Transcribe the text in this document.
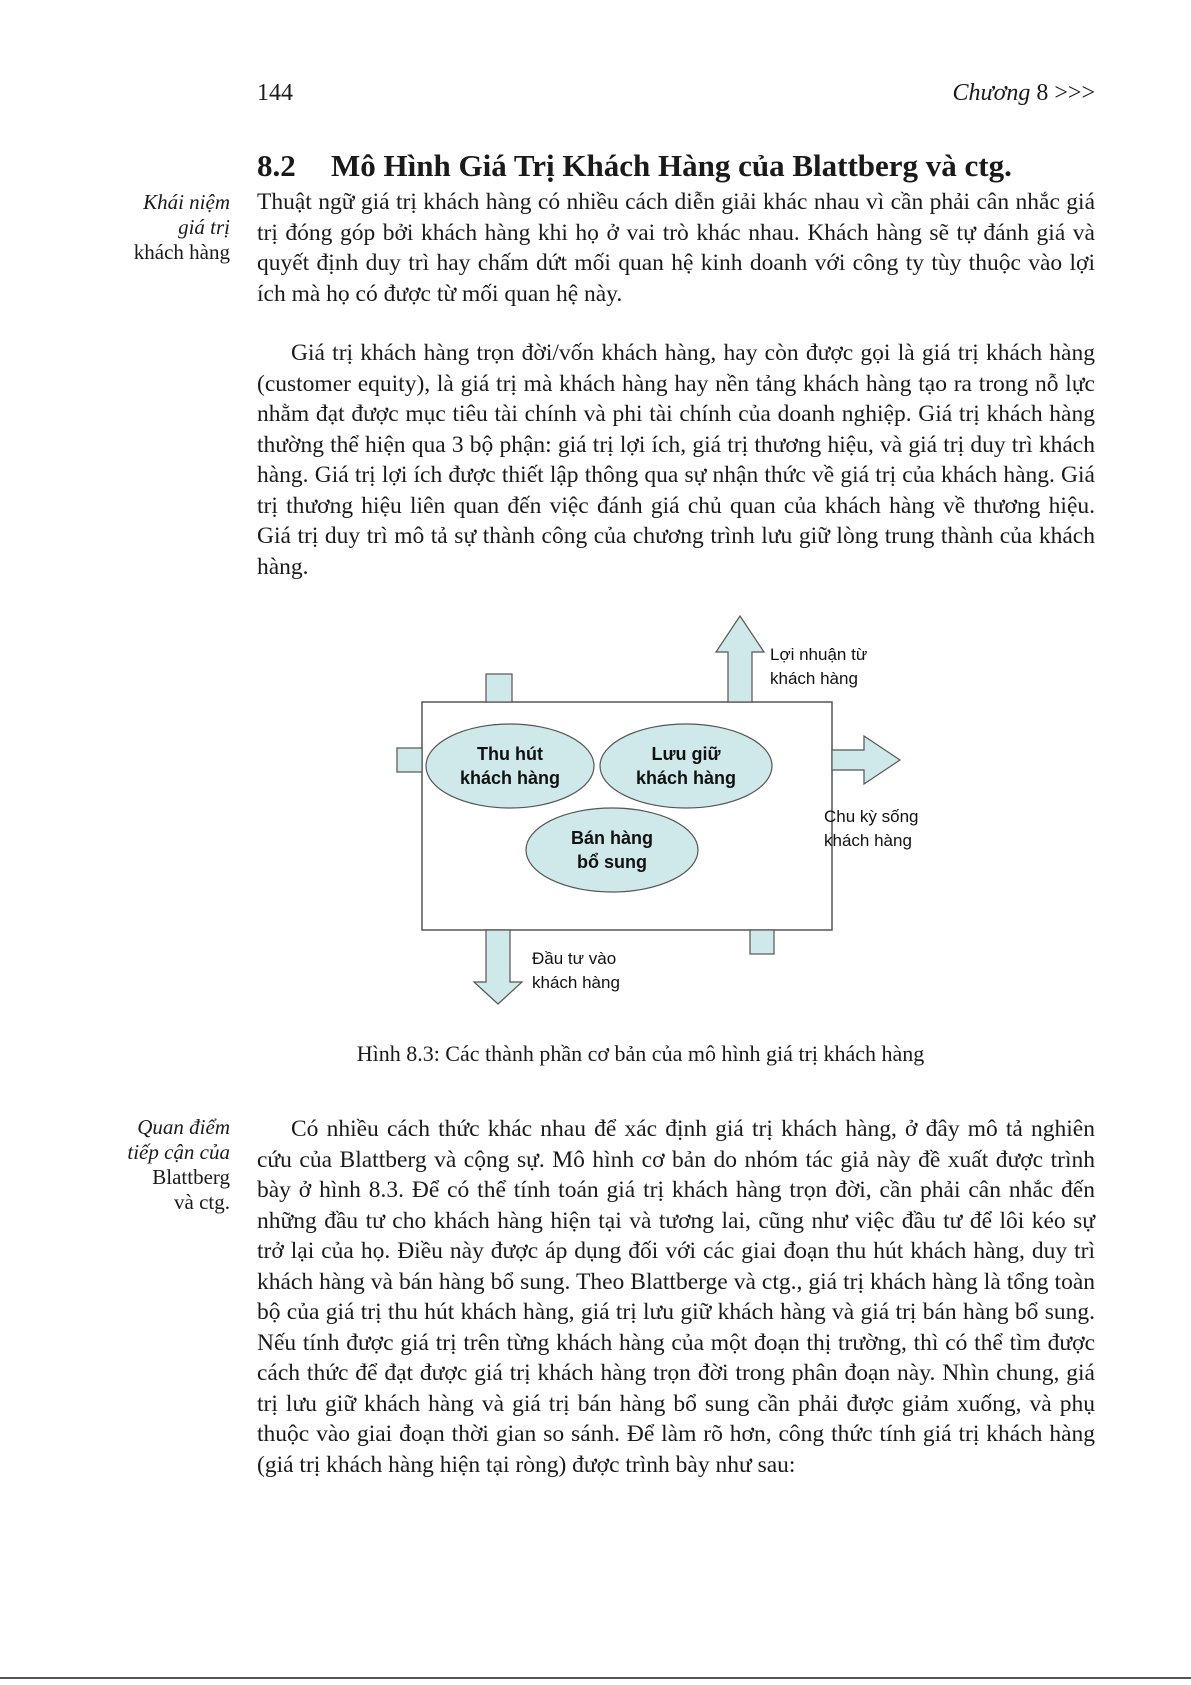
144	Chương 8 >>>
8.2 Mô Hình Giá Trị Khách Hàng của Blattberg và ctg.
Khái niệm
giá trị
khách hàng
Thuật ngữ giá trị khách hàng có nhiều cách diễn giải khác nhau vì cần phải cân nhắc giá trị đóng góp bởi khách hàng khi họ ở vai trò khác nhau. Khách hàng sẽ tự đánh giá và quyết định duy trì hay chấm dứt mối quan hệ kinh doanh với công ty tùy thuộc vào lợi ích mà họ có được từ mối quan hệ này.
Giá trị khách hàng trọn đời/vốn khách hàng, hay còn được gọi là giá trị khách hàng (customer equity), là giá trị mà khách hàng hay nền tảng khách hàng tạo ra trong nỗ lực nhằm đạt được mục tiêu tài chính và phi tài chính của doanh nghiệp. Giá trị khách hàng thường thể hiện qua 3 bộ phận: giá trị lợi ích, giá trị thương hiệu, và giá trị duy trì khách hàng. Giá trị lợi ích được thiết lập thông qua sự nhận thức về giá trị của khách hàng. Giá trị thương hiệu liên quan đến việc đánh giá chủ quan của khách hàng về thương hiệu. Giá trị duy trì mô tả sự thành công của chương trình lưu giữ lòng trung thành của khách hàng.
Thu hút
khách hàng
Lưu giữ
khách hàng
Bán hàng
bổ sung
Lợi nhuận từ
khách hàng
Chu kỳ sống
khách hàng
Đầu tư vào
khách hàng
Hình 8.3: Các thành phần cơ bản của mô hình giá trị khách hàng
Quan điểm
tiếp cận của
Blattberg
và ctg.
Có nhiều cách thức khác nhau để xác định giá trị khách hàng, ở đây mô tả nghiên cứu của Blattberg và cộng sự. Mô hình cơ bản do nhóm tác giả này đề xuất được trình bày ở hình 8.3. Để có thể tính toán giá trị khách hàng trọn đời, cần phải cân nhắc đến những đầu tư cho khách hàng hiện tại và tương lai, cũng như việc đầu tư để lôi kéo sự trở lại của họ. Điều này được áp dụng đối với các giai đoạn thu hút khách hàng, duy trì khách hàng và bán hàng bổ sung. Theo Blattberge và ctg., giá trị khách hàng là tổng toàn bộ của giá trị thu hút khách hàng, giá trị lưu giữ khách hàng và giá trị bán hàng bổ sung. Nếu tính được giá trị trên từng khách hàng của một đoạn thị trường, thì có thể tìm được cách thức để đạt được giá trị khách hàng trọn đời trong phân đoạn này. Nhìn chung, giá trị lưu giữ khách hàng và giá trị bán hàng bổ sung cần phải được giảm xuống, và phụ thuộc vào giai đoạn thời gian so sánh. Để làm rõ hơn, công thức tính giá trị khách hàng (giá trị khách hàng hiện tại ròng) được trình bày như sau:
